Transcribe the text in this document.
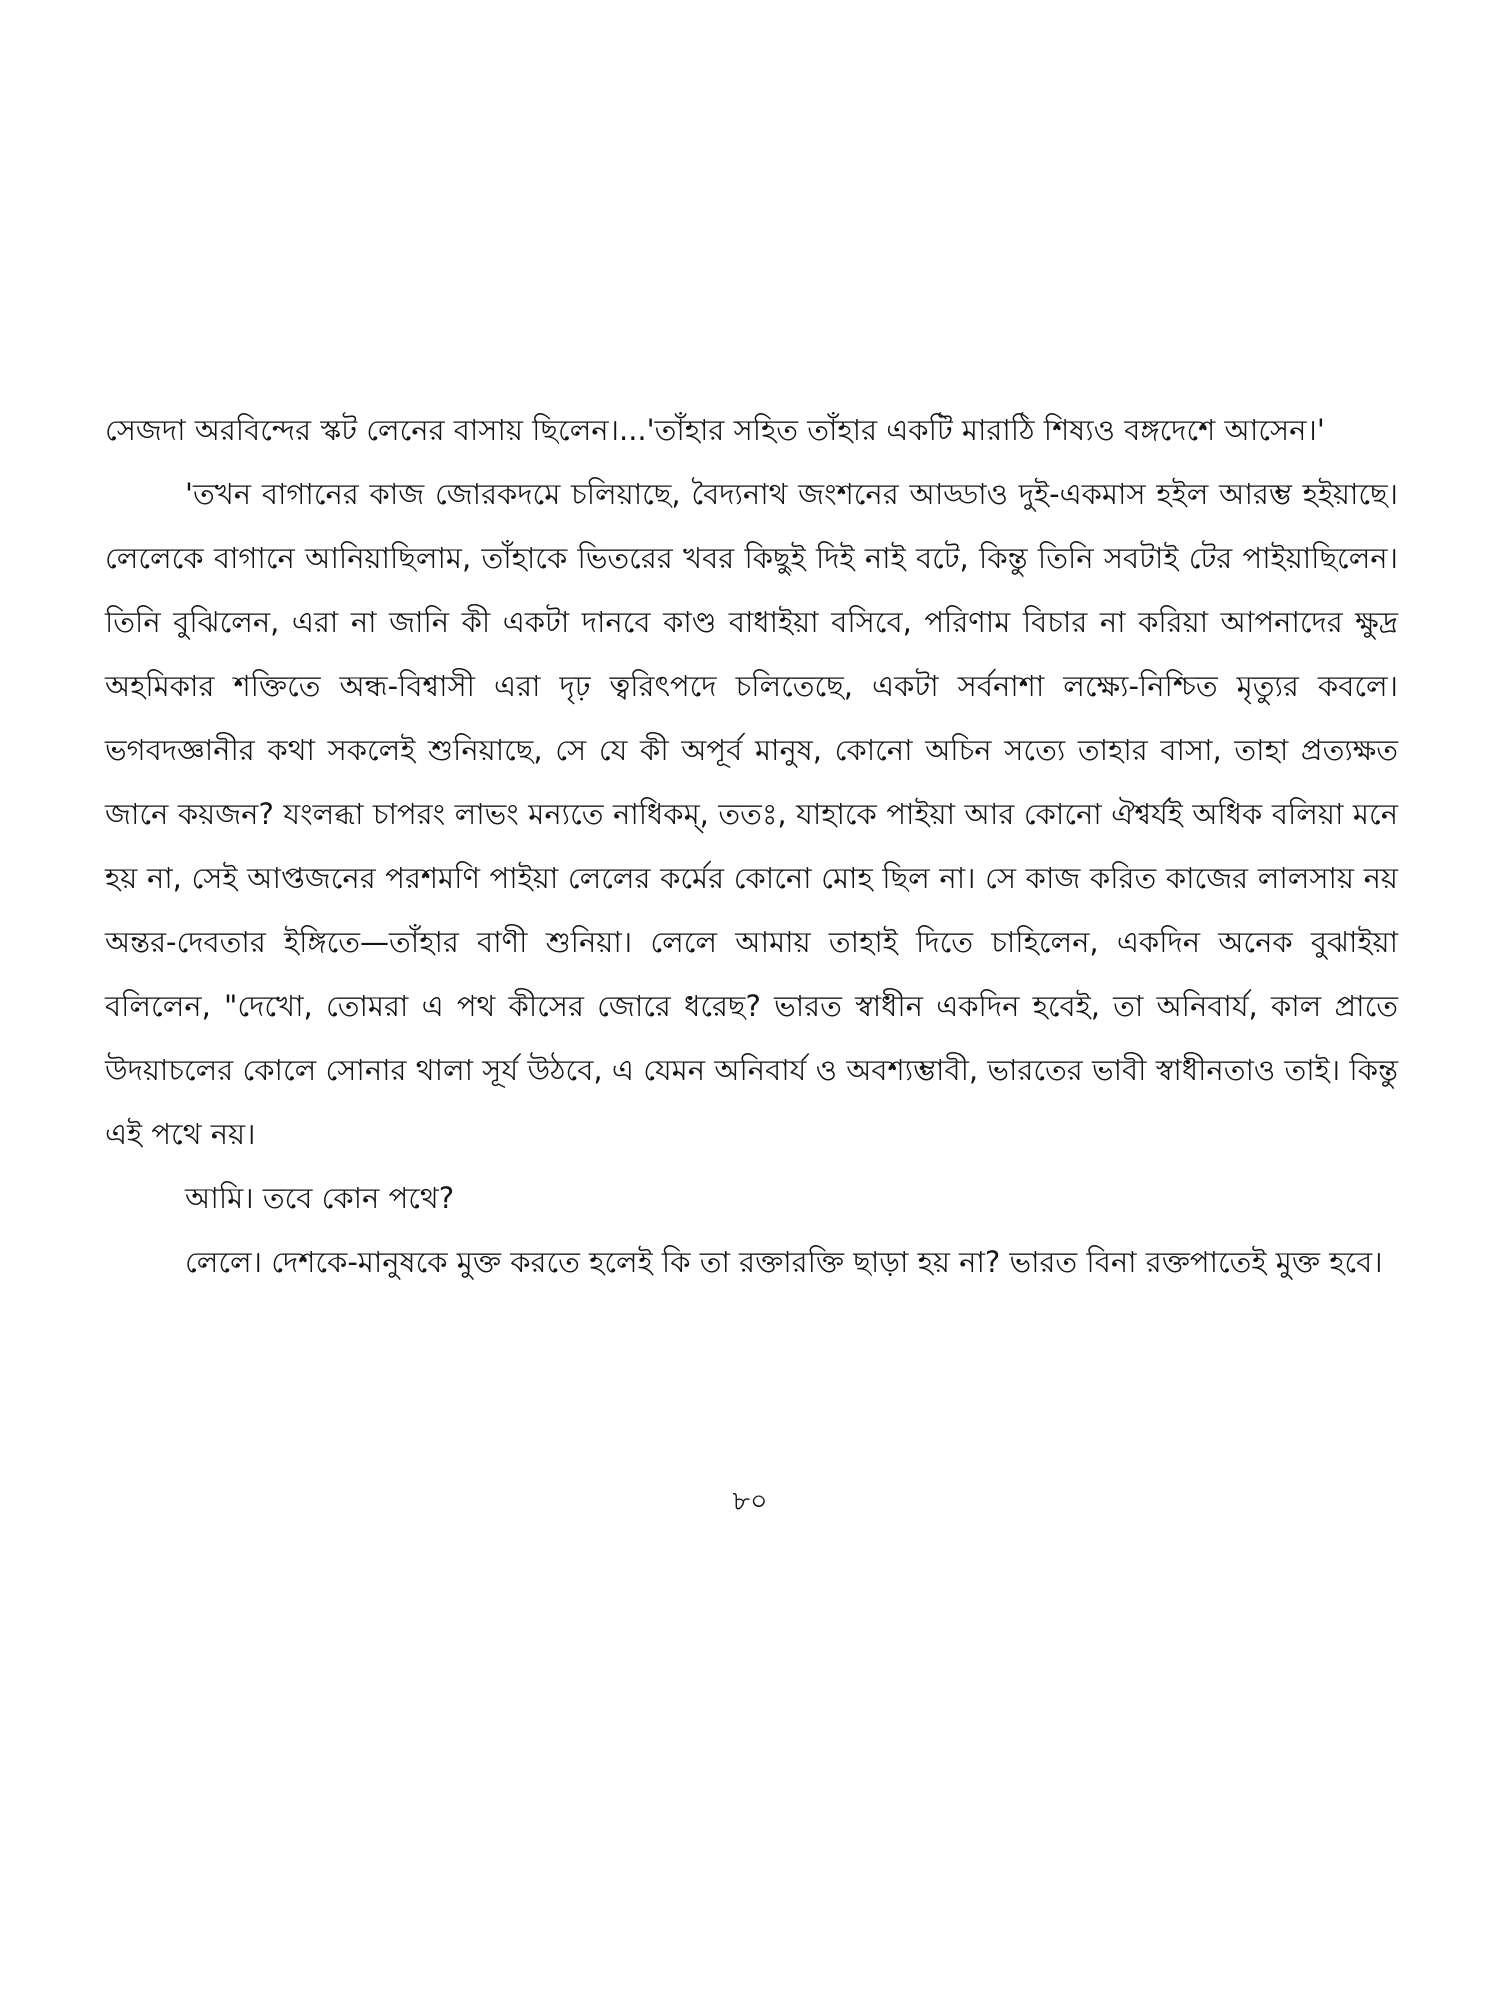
সেজদা অরবিন্দের স্কট লেনের বাসায় ছিলেন।...'তাঁহার সহিত তাঁহার একটি মারাঠি শিষ্যও বঙ্গদেশে আসেন।'

'তখন বাগানের কাজ জোরকদমে চলিয়াছে, বৈদ্যনাথ জংশনের আড্ডাও দুই-একমাস হইল আরম্ভ হইয়াছে। লেলেকে বাগানে আনিয়াছিলাম, তাঁহাকে ভিতরের খবর কিছুই দিই নাই বটে, কিন্তু তিনি সবটাই টের পাইয়াছিলেন। তিনি বুঝিলেন, এরা না জানি কী একটা দানবে কাণ্ড বাধাইয়া বসিবে, পরিণাম বিচার না করিয়া আপনাদের ক্ষুদ্র অহমিকার শক্তিতে অন্ধ-বিশ্বাসী এরা দৃঢ় ত্বরিৎপদে চলিতেছে, একটা সর্বনাশা লক্ষ্যে-নিশ্চিত মৃত্যুর কবলে। ভগবদজ্ঞানীর কথা সকলেই শুনিয়াছে, সে যে কী অপূর্ব মানুষ, কোনো অচিন সত্যে তাহার বাসা, তাহা প্রত্যক্ষত জানে কয়জন? যংলব্ধা চাপরং লাভং মন্যতে নাধিকম্, ততঃ, যাহাকে পাইয়া আর কোনো ঐশ্বর্যই অধিক বলিয়া মনে হয় না, সেই আপ্তজনের পরশমণি পাইয়া লেলের কর্মের কোনো মোহ ছিল না। সে কাজ করিত কাজের লালসায় নয় অন্তর-দেবতার ইঙ্গিতে—তাঁহার বাণী শুনিয়া। লেলে আমায় তাহাই দিতে চাহিলেন, একদিন অনেক বুঝাইয়া বলিলেন, "দেখো, তোমরা এ পথ কীসের জোরে ধরেছ? ভারত স্বাধীন একদিন হবেই, তা অনিবার্য, কাল প্রাতে উদয়াচলের কোলে সোনার থালা সূর্য উঠবে, এ যেমন অনিবার্য ও অবশ্যম্ভাবী, ভারতের ভাবী স্বাধীনতাও তাই। কিন্তু এই পথে নয়।

আমি। তবে কোন পথে?

লেলে। দেশকে-মানুষকে মুক্ত করতে হলেই কি তা রক্তারক্তি ছাড়া হয় না? ভারত বিনা রক্তপাতেই মুক্ত হবে।

৮০
